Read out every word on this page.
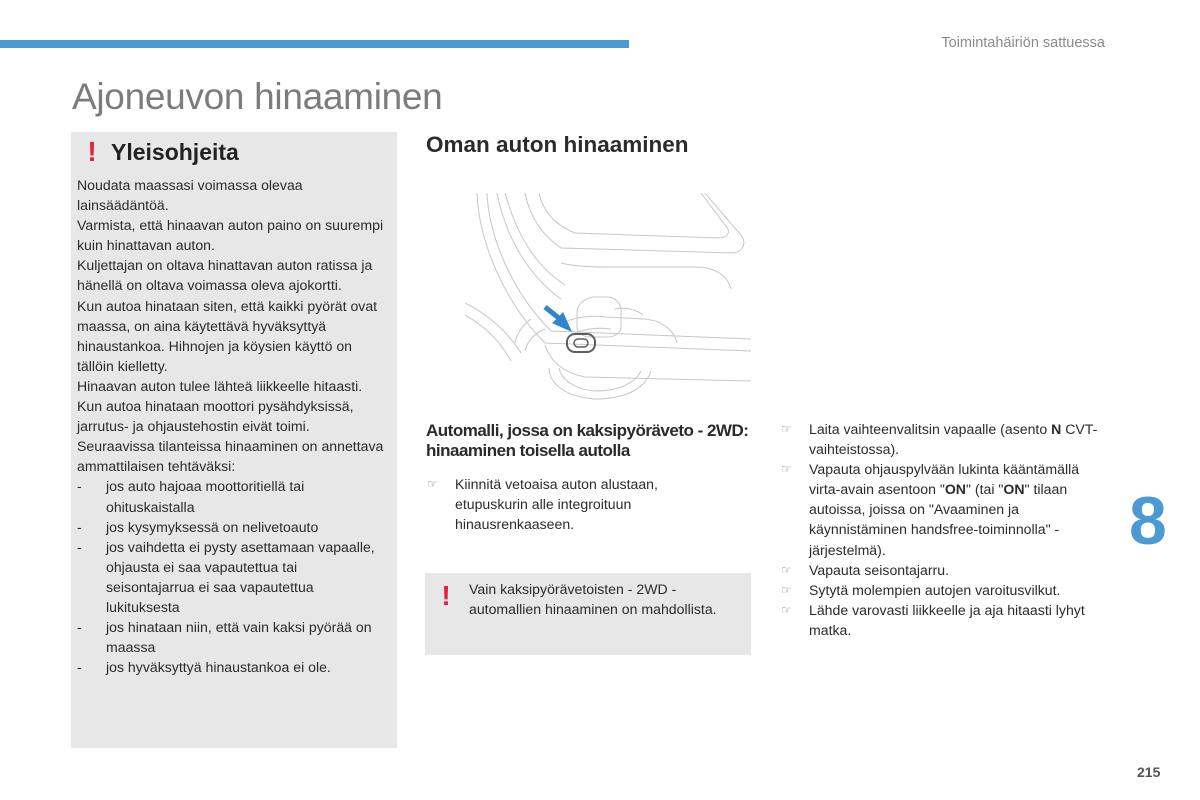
Toimintahäiriön sattuessa
Ajoneuvon hinaaminen
! Yleisohjeita

Noudata maassasi voimassa olevaa lainsäädäntöä.

Varmista, että hinaavan auton paino on suurempi kuin hinattavan auton.

Kuljettajan on oltava hinattavan auton ratissa ja hänellä on oltava voimassa oleva ajokortti.

Kun autoa hinataan siten, että kaikki pyörät ovat maassa, on aina käytettävä hyväksyttyä hinaustankoa. Hihnojen ja köysien käyttö on tällöin kielletty.

Hinaavan auton tulee lähteä liikkeelle hitaasti.

Kun autoa hinataan moottori pysähdyksissä, jarrutus- ja ohjaustehostin eivät toimi.

Seuraavissa tilanteissa hinaaminen on annettava ammattilaisen tehtäväksi:

-	jos auto hajoaa moottoritiellä tai ohituskaistalla
-	jos kysymyksessä on nelivetoauto
-	jos vaihdetta ei pysty asettamaan vapaalle, ohjausta ei saa vapautettua tai seisontajarrua ei saa vapautettua lukituksesta
-	jos hinataan niin, että vain kaksi pyörää on maassa
-	jos hyväksyttyä hinaustankoa ei ole.
Oman auton hinaaminen
Automalli, jossa on kaksipyöräveto - 2WD: hinaaminen toisella autolla
☞	Kiinnitä vetoaisa auton alustaan, etupuskurin alle integroituun hinausrenkaaseen.
! Vain kaksipyörävetoisten - 2WD - automallien hinaaminen on mahdollista.
☞	Laita vaihteenvalitsin vapaalle (asento N CVT-vaihteistossa).
☞	Vapauta ohjauspylvään lukinta kääntämällä virta-avain asentoon "ON" (tai "ON" tilaan autoissa, joissa on "Avaaminen ja käynnistäminen handsfree-toiminnolla" -järjestelmä).
☞	Vapauta seisontajarru.
☞	Sytytä molempien autojen varoitusvilkut.
☞	Lähde varovasti liikkeelle ja aja hitaasti lyhyt matka.
8
215
